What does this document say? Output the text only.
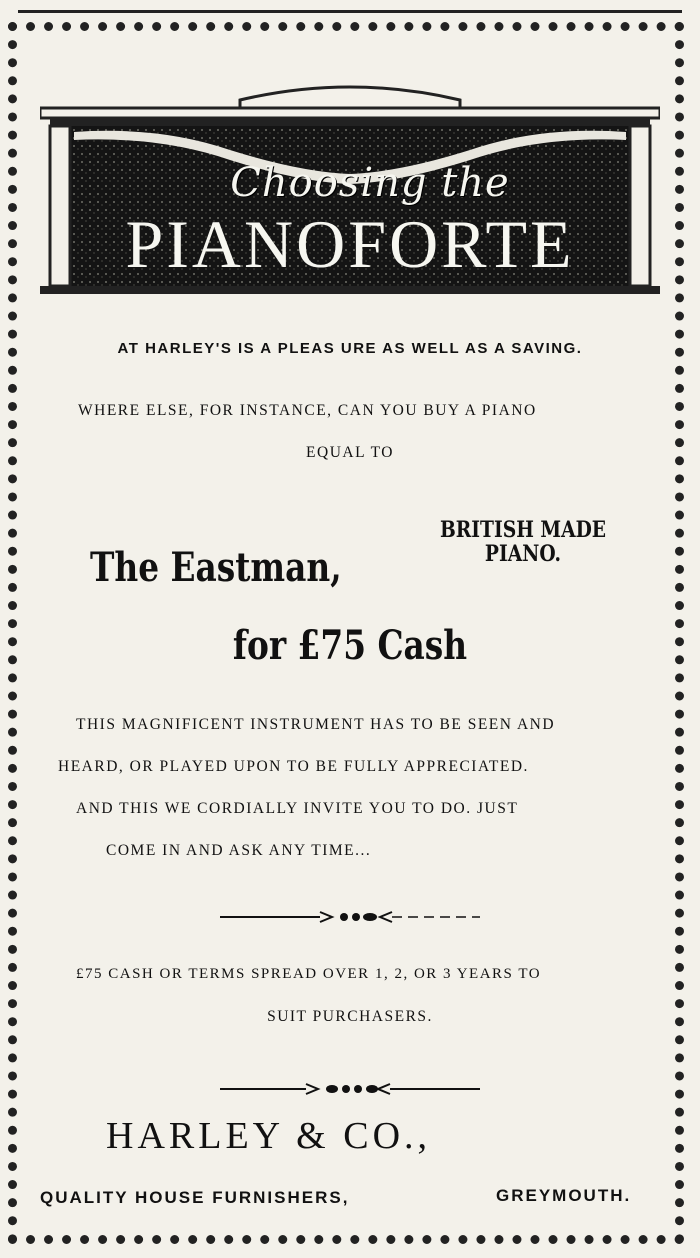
Choosing the
PIANOFORTE
AT HARLEY'S IS A PLEAS URE AS WELL AS A SAVING.
WHERE ELSE, FOR INSTANCE, CAN YOU BUY A PIANO
EQUAL TO
The Eastman,
BRITISH MADE
PIANO.
for £75 Cash
THIS MAGNIFICENT INSTRUMENT HAS TO BE SEEN AND
HEARD, OR PLAYED UPON TO BE FULLY APPRECIATED.
AND THIS WE CORDIALLY INVITE YOU TO DO. JUST
COME IN AND ASK ANY TIME...
£75 CASH OR TERMS SPREAD OVER 1, 2, OR 3 YEARS TO
SUIT PURCHASERS.
HARLEY & CO.,
QUALITY HOUSE FURNISHERS,	GREYMOUTH.
